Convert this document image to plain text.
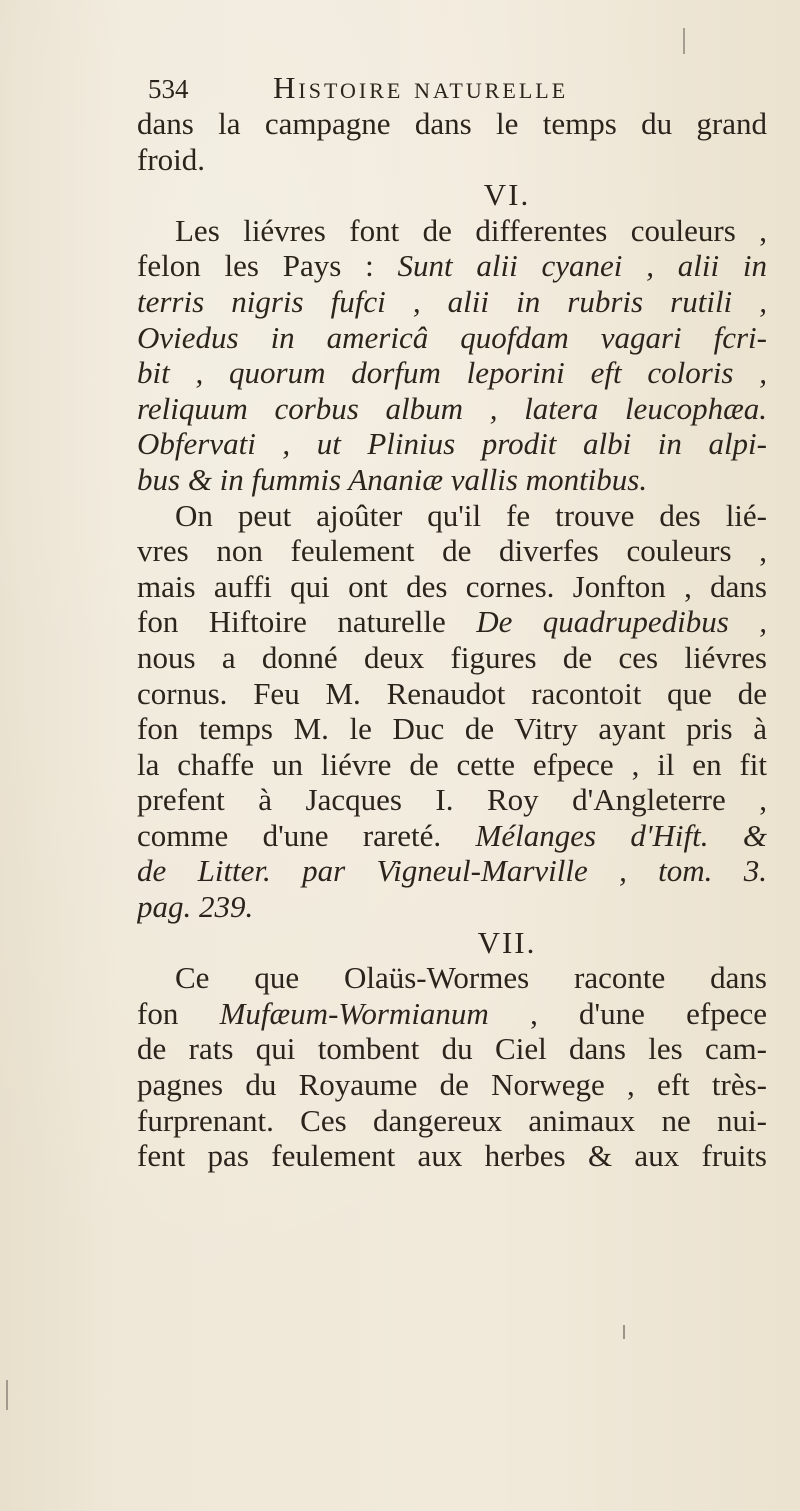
534	Histoire naturelle
dans la campagne dans le temps du grand
froid.
VI.
Les liévres font de differentes couleurs ,
felon les Pays : Sunt alii cyanei , alii in
terris nigris fufci , alii in rubris rutili ,
Oviedus in americâ quofdam vagari fcri-
bit , quorum dorfum leporini eft coloris ,
reliquum corbus album , latera leucophæa.
Obfervati , ut Plinius prodit albi in alpi-
bus & in fummis Ananiæ vallis montibus.
On peut ajoûter qu'il fe trouve des lié-
vres non feulement de diverfes couleurs ,
mais auffi qui ont des cornes. Jonfton , dans
fon Hiftoire naturelle De quadrupedibus ,
nous a donné deux figures de ces liévres
cornus. Feu M. Renaudot racontoit que de
fon temps M. le Duc de Vitry ayant pris à
la chaffe un liévre de cette efpece , il en fit
prefent à Jacques I. Roy d'Angleterre ,
comme d'une rareté. Mélanges d'Hift. &
de Litter. par Vigneul-Marville , tom. 3.
pag. 239.
VII.
Ce que Olaüs-Wormes raconte dans
fon Mufæum-Wormianum , d'une efpece
de rats qui tombent du Ciel dans les cam-
pagnes du Royaume de Norwege , eft très-
furprenant. Ces dangereux animaux ne nui-
fent pas feulement aux herbes & aux fruits
